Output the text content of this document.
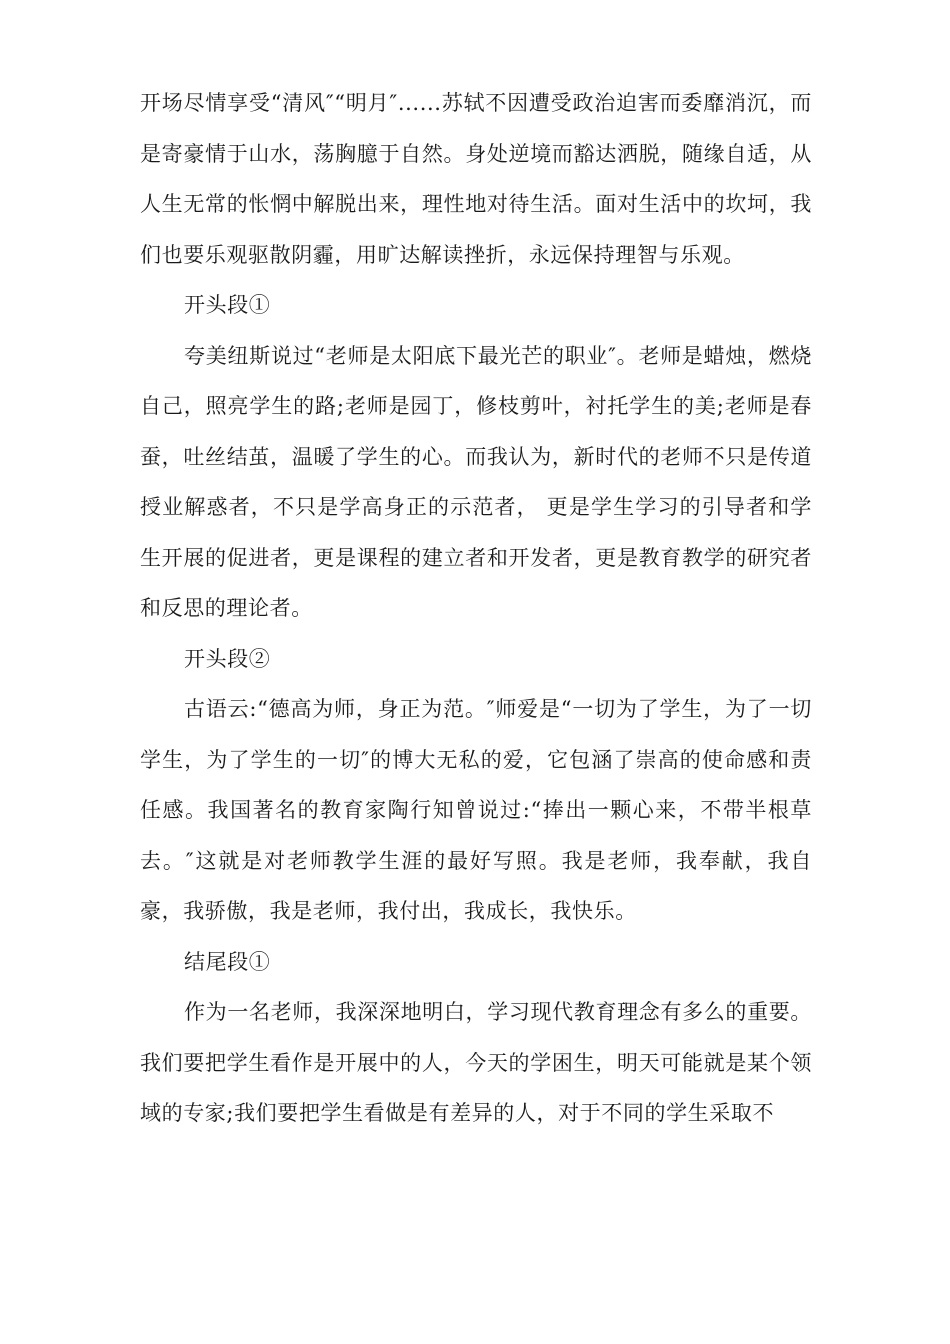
开场尽情享受“清风″“明月″......苏轼不因遭受政治迫害而委靡消沉，而是寄豪情于山水，荡胸臆于自然。身处逆境而豁达洒脱，随缘自适，从人生无常的怅惘中解脱出来，理性地对待生活。面对生活中的坎坷，我们也要乐观驱散阴霾，用旷达解读挫折，永远保持理智与乐观。

开头段①

夸美纽斯说过“老师是太阳底下最光芒的职业″。老师是蜡烛，燃烧自己，照亮学生的路;老师是园丁，修枝剪叶，衬托学生的美;老师是春蚕，吐丝结茧，温暖了学生的心。而我认为，新时代的老师不只是传道授业解惑者，不只是学高身正的示范者， 更是学生学习的引导者和学生开展的促进者，更是课程的建立者和开发者，更是教育教学的研究者和反思的理论者。

开头段②

古语云:“德高为师，身正为范。″师爱是“一切为了学生，为了一切学生，为了学生的一切″的博大无私的爱，它包涵了崇高的使命感和责任感。我国著名的教育家陶行知曾说过:“捧出一颗心来，不带半根草去。″这就是对老师教学生涯的最好写照。我是老师，我奉献，我自豪，我骄傲，我是老师，我付出，我成长，我快乐。

结尾段①

作为一名老师，我深深地明白，学习现代教育理念有多么的重要。我们要把学生看作是开展中的人，今天的学困生，明天可能就是某个领域的专家;我们要把学生看做是有差异的人，对于不同的学生采取不
